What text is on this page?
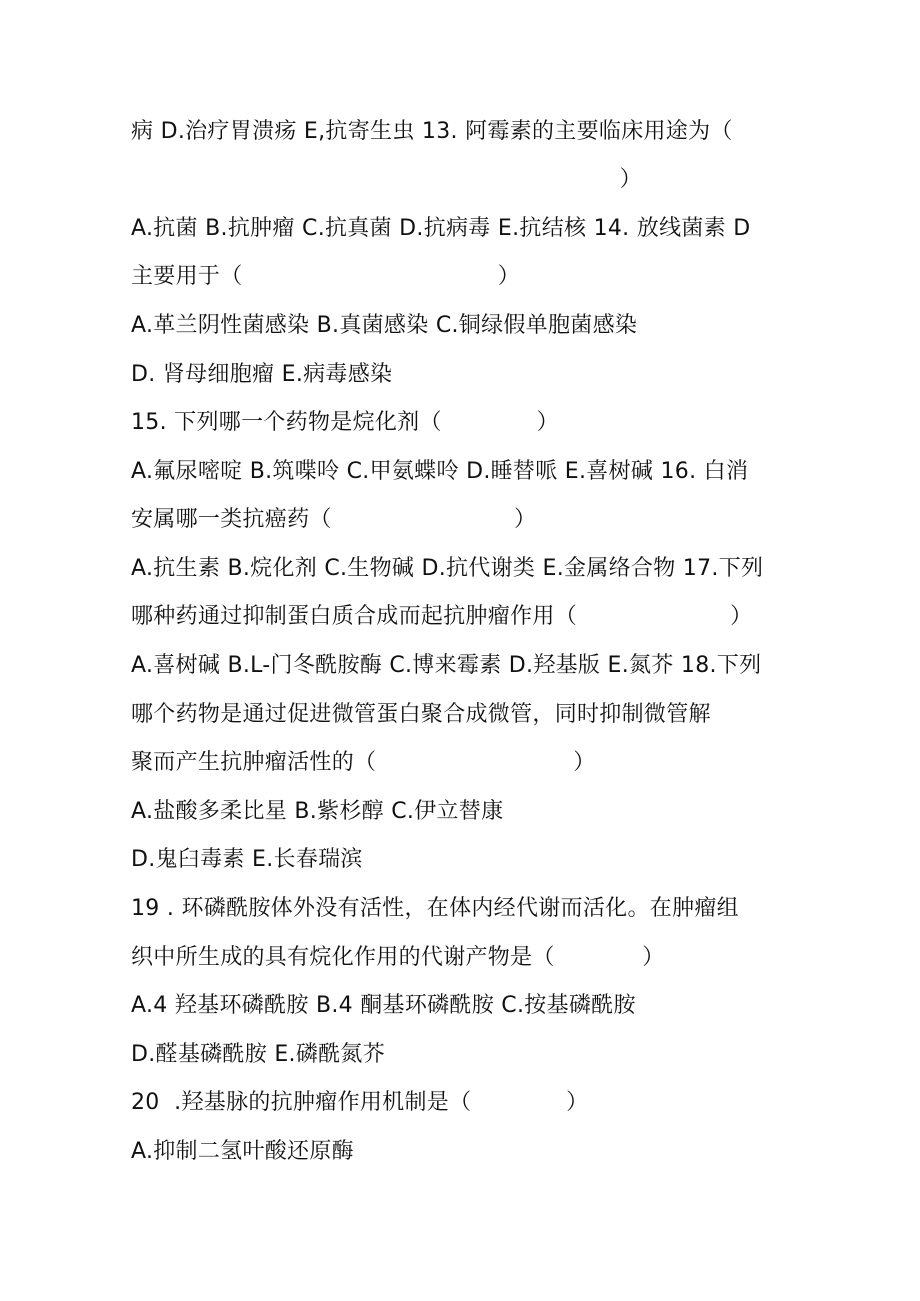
病 D.治疗胃溃疡 E,抗寄生虫 13. 阿霉素的主要临床用途为（
）
A.抗菌 B.抗肿瘤 C.抗真菌 D.抗病毒 E.抗结核 14. 放线菌素 D
主要用于（                                   ）
A.革兰阴性菌感染 B.真菌感染 C.铜绿假单胞菌感染
D. 肾母细胞瘤 E.病毒感染
15. 下列哪一个药物是烷化剂（             ）
A.氟尿嘧啶 B.筑喋呤 C.甲氨蝶呤 D.睡替哌 E.喜树碱 16. 白消
安属哪一类抗癌药（                         ）
A.抗生素 B.烷化剂 C.生物碱 D.抗代谢类 E.金属络合物 17.下列
哪种药通过抑制蛋白质合成而起抗肿瘤作用（                     ）
A.喜树碱 B.L-门冬酰胺酶 C.博来霉素 D.羟基版 E.氮芥 18.下列
哪个药物是通过促进微管蛋白聚合成微管，同时抑制微管解
聚而产生抗肿瘤活性的（                           ）
A.盐酸多柔比星 B.紫杉醇 C.伊立替康
D.鬼臼毒素 E.长春瑞滨
19 . 环磷酰胺体外没有活性，在体内经代谢而活化。在肿瘤组
织中所生成的具有烷化作用的代谢产物是（            ）
A.4 羟基环磷酰胺 B.4 酮基环磷酰胺 C.按基磷酰胺
D.醛基磷酰胺 E.磷酰氮芥
20  .羟基脉的抗肿瘤作用机制是（             ）
A.抑制二氢叶酸还原酶
